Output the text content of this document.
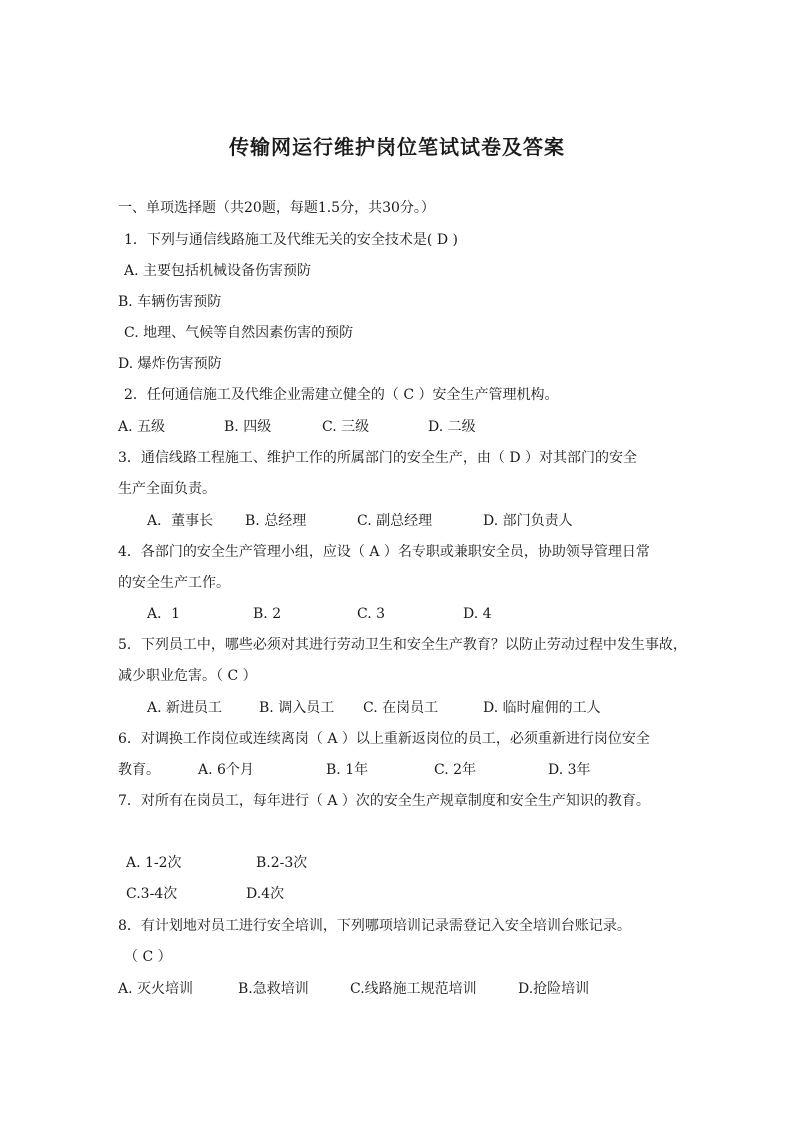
传输网运行维护岗位笔试试卷及答案
一、单项选择题（共20题，每题1.5分，共30分。）
1．下列与通信线路施工及代维无关的安全技术是( D )
A. 主要包括机械设备伤害预防
B. 车辆伤害预防
C. 地理、气候等自然因素伤害的预防
D. 爆炸伤害预防
2．任何通信施工及代维企业需建立健全的（ C ）安全生产管理机构。
A. 五级	B. 四级	C. 三级	D. 二级
3．通信线路工程施工、维护工作的所属部门的安全生产，由（ D ）对其部门的安全
生产全面负责。
A．董事长 B. 总经理	C. 副总经理	D. 部门负责人
4．各部门的安全生产管理小组，应设（ A ）名专职或兼职安全员，协助领导管理日常
的安全生产工作。
A．1	B. 2	C. 3	D. 4
5．下列员工中，哪些必须对其进行劳动卫生和安全生产教育？以防止劳动过程中发生事故，
减少职业危害。（ C ）
A. 新进员工	B. 调入员工 C. 在岗员工	D. 临时雇佣的工人
6．对调换工作岗位或连续离岗（ A ）以上重新返岗位的员工，必须重新进行岗位安全
教育。	A. 6个月	B. 1年	C. 2年	D. 3年
7．对所有在岗员工，每年进行（ A ）次的安全生产规章制度和安全生产知识的教育。
A. 1-2次	B.2-3次
C.3-4次	D.4次
8．有计划地对员工进行安全培训，下列哪项培训记录需登记入安全培训台账记录。
（ C ）
A. 灭火培训	B.急救培训	C.线路施工规范培训	D.抢险培训
